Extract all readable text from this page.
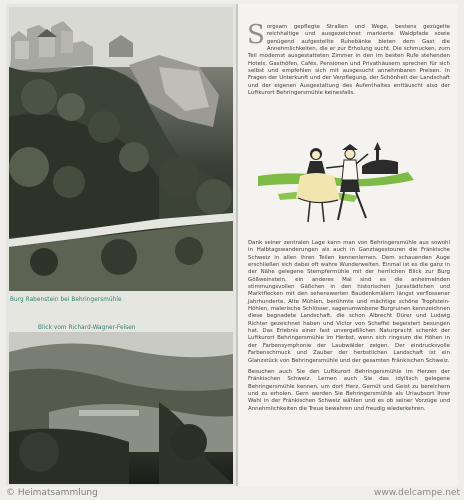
Burg Rabenstein bei Behringersmühle
Blick vom Richard-Wagner-Felsen
S orgsam gepflegte Straßen und Wege, bestens gezügelte reichhaltige und ausgezeichnet markierte Waldpfade sowie genügend aufgestellte Ruhebänke bieten dem Gast die Annehmlichkeiten, die er zur Erholung sucht. Die schmucken, zum Teil modernst ausgestatteten Zimmer in den im besten Rufe stehenden Hotels, Gasthöfen, Cafés, Pensionen und Privathäusern sprechen für sich selbst und empfehlen sich mit ausgesucht annehmbaren Preisen. In Fragen der Unterkunft und der Verpflegung, der Schönheit der Landschaft und der eigenen Ausgestaltung des Aufenthaltes enttäuscht also der Luftkurort Behringersmühle keinesfalls.

Dank seiner zentralen Lage kann man von Behringersmühle aus sowohl in Halbtagswanderungen als auch in Ganztagestouren die Fränkische Schweiz in allen ihren Teilen kennenlernen. Dem schauenden Auge erschließen sich dabei oft wahre Wunderwelten. Einmal ist es die ganz in der Nähe gelegene Stempfermühle mit der herrlichen Blick zur Burg Gößweinstein, ein anderes Mal sind es die anheimelnden stimmungsvollen Gäßchen in den historischen Jurastädtchen und Marktflecken mit den sehenswerten Baudenkmälern längst verflossener Jahrhunderte. Alte Mühlen, berühmte und mächtige schöne Tropfstein-Höhlen, malerische Schlösser, sagenumwobene Burgruinen kennzeichnen diese begnadete Landschaft, die schon Albrecht Dürer und Ludwig Richter gezeichnet haben und Victor von Scheffel begeistert besungen hat. Das Erlebnis einer fast unvergeßlichen Naturpracht schenkt der Luftkurort Behringersmühle im Herbst, wenn sich ringsum die Höhen in der Farbensymphonie der Laubwälder zeigen. Der eindrucksvolle Farbenschmuck und Zauber der herbstlichen Landschaft ist ein Glanzstück von Behringersmühle und der gesamten Fränkischen Schweiz.

Besuchen auch Sie den Luftkurort Behringersmühle im Herzen der Fränkischen Schweiz. Lernen auch Sie das idyllisch gelegene Behringersmühle kennen, um dort Herz, Gemüt und Geist zu bereichern und zu erholen. Gern werden Sie Behringersmühle als Urlaubsort Ihrer Wahl in der Fränkischen Schweiz wählen und es ob seiner Vorzüge und Annehmlichkeiten die Treue bewahren und freudig wiederkehren.

© Heimatsammlung	www.delcampe.net
